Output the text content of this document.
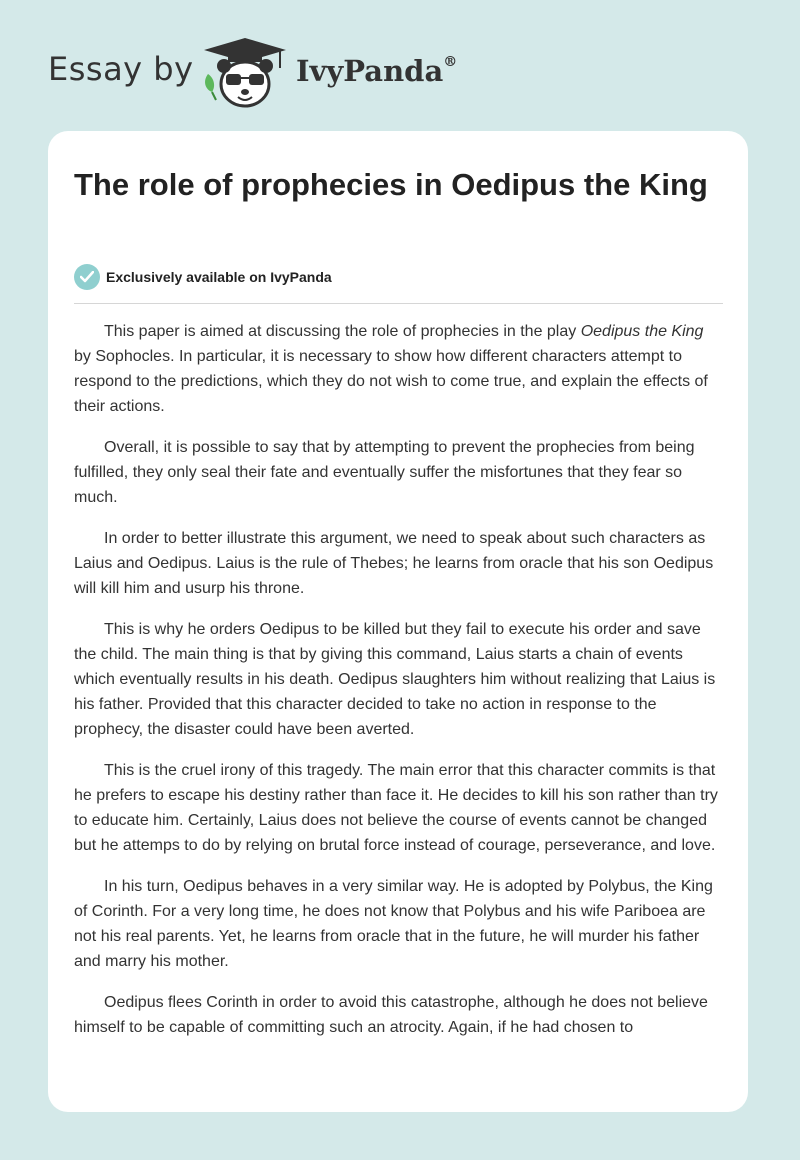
Essay by	IvyPanda®
The role of prophecies in Oedipus the King
Exclusively available on IvyPanda

This paper is aimed at discussing the role of prophecies in the play Oedipus the King by Sophocles. In particular, it is necessary to show how different characters attempt to respond to the predictions, which they do not wish to come true, and explain the effects of their actions.

Overall, it is possible to say that by attempting to prevent the prophecies from being fulfilled, they only seal their fate and eventually suffer the misfortunes that they fear so much.

In order to better illustrate this argument, we need to speak about such characters as Laius and Oedipus. Laius is the rule of Thebes; he learns from oracle that his son Oedipus will kill him and usurp his throne.

This is why he orders Oedipus to be killed but they fail to execute his order and save the child. The main thing is that by giving this command, Laius starts a chain of events which eventually results in his death. Oedipus slaughters him without realizing that Laius is his father. Provided that this character decided to take no action in response to the prophecy, the disaster could have been averted.

This is the cruel irony of this tragedy. The main error that this character commits is that he prefers to escape his destiny rather than face it. He decides to kill his son rather than try to educate him. Certainly, Laius does not believe the course of events cannot be changed but he attemps to do by relying on brutal force instead of courage, perseverance, and love.

In his turn, Oedipus behaves in a very similar way. He is adopted by Polybus, the King of Corinth. For a very long time, he does not know that Polybus and his wife Pariboea are not his real parents. Yet, he learns from oracle that in the future, he will murder his father and marry his mother.

Oedipus flees Corinth in order to avoid this catastrophe, although he does not believe himself to be capable of committing such an atrocity. Again, if he had chosen to
